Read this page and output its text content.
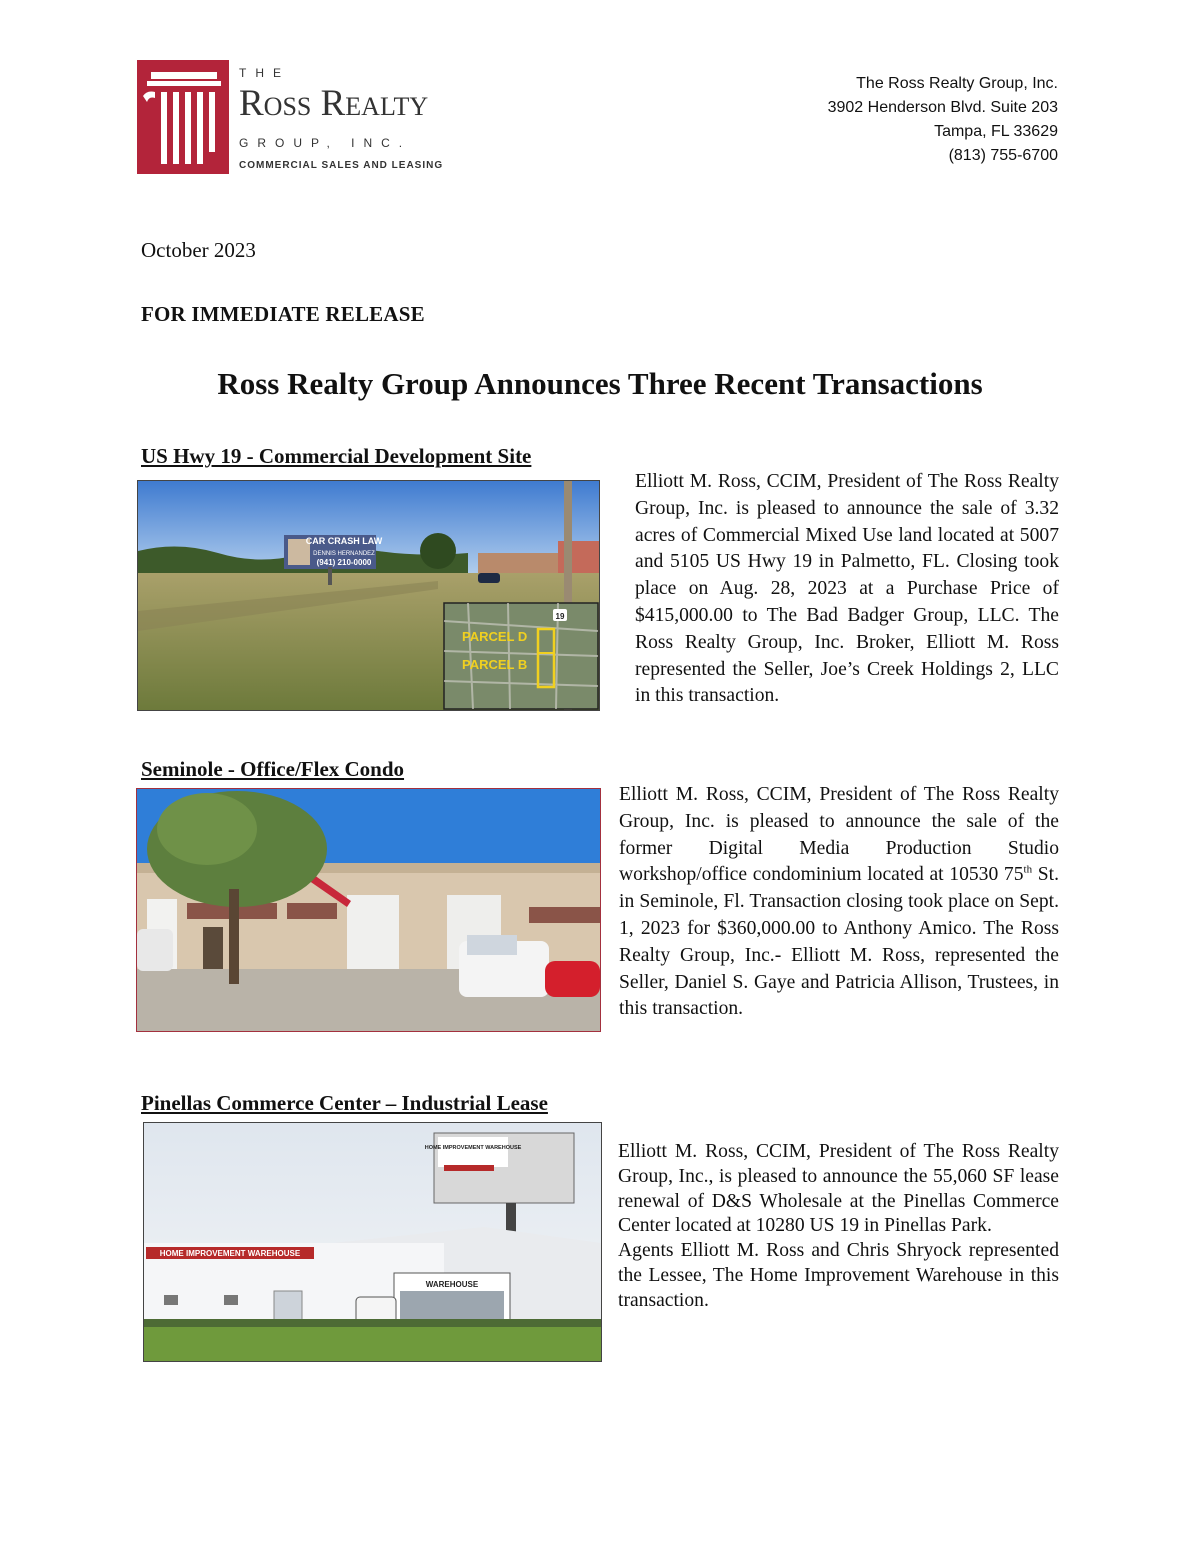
THE
Ross Realty
GROUP, INC.
COMMERCIAL SALES AND LEASING
The Ross Realty Group, Inc.
3902 Henderson Blvd. Suite 203
Tampa, FL 33629
(813) 755-6700
October 2023
FOR IMMEDIATE RELEASE
Ross Realty Group Announces Three Recent Transactions
US Hwy 19 - Commercial Development Site
CAR CRASH LAW
DENNIS HERNANDEZ
(941) 210-0000
PARCEL D
PARCEL B
19
Elliott M. Ross, CCIM, President of The Ross Realty Group, Inc. is pleased to announce the sale of 3.32 acres of Commercial Mixed Use land located at 5007 and 5105 US Hwy 19 in Palmetto, FL. Closing took place on Aug. 28, 2023 at a Purchase Price of $415,000.00 to The Bad Badger Group, LLC. The Ross Realty Group, Inc. Broker, Elliott M. Ross represented the Seller, Joe’s Creek Holdings 2, LLC in this transaction.
Seminole - Office/Flex Condo
Elliott M. Ross, CCIM, President of The Ross Realty Group, Inc. is pleased to announce the sale of the former Digital Media Production Studio workshop/office condominium located at 10530 75th St. in Seminole, Fl. Transaction closing took place on Sept. 1, 2023 for $360,000.00 to Anthony Amico. The Ross Realty Group, Inc.- Elliott M. Ross, represented the Seller, Daniel S. Gaye and Patricia Allison, Trustees, in this transaction.
Pinellas Commerce Center – Industrial Lease
HOME IMPROVEMENT WAREHOUSE
HOME IMPROVEMENT WAREHOUSE
WAREHOUSE
Elliott M. Ross, CCIM, President of The Ross Realty Group, Inc., is pleased to announce the 55,060 SF lease renewal of D&S Wholesale at the Pinellas Commerce Center located at 10280 US 19 in Pinellas Park.
Agents Elliott M. Ross and Chris Shryock represented the Lessee, The Home Improvement Warehouse in this transaction.
